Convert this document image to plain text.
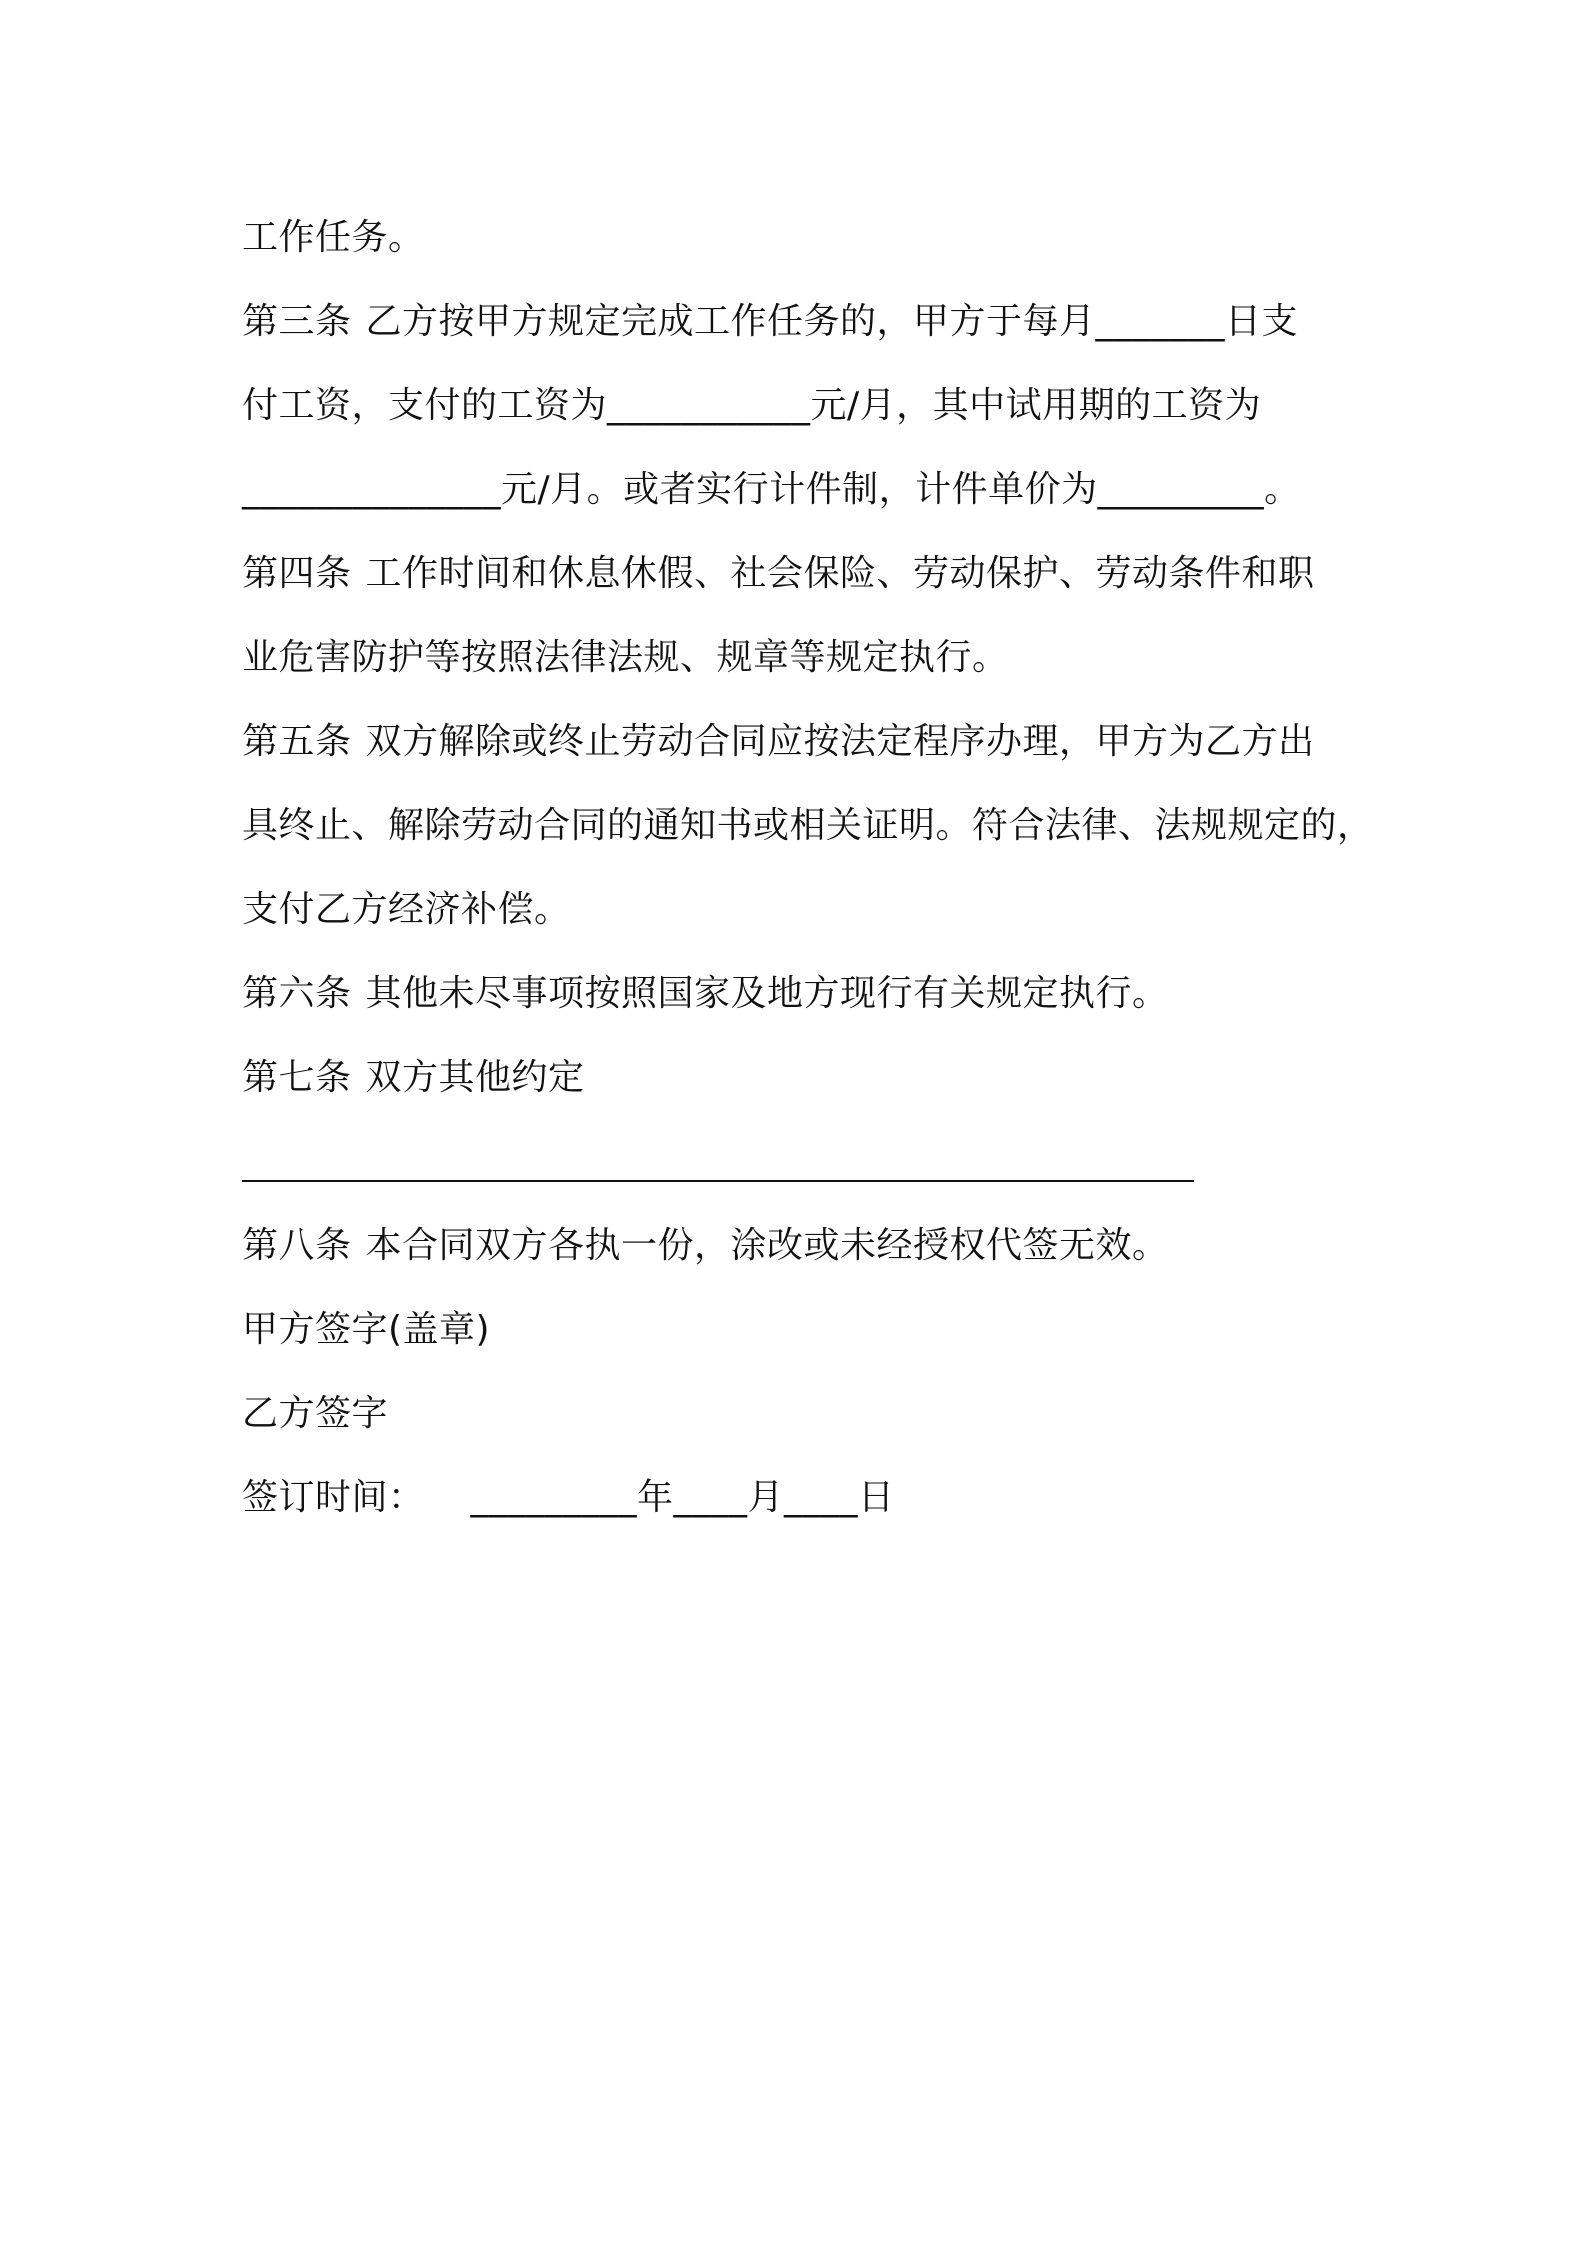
工作任务。
第三条 乙方按甲方规定完成工作任务的，甲方于每月_______日支
付工资，支付的工资为___________元/月，其中试用期的工资为
______________元/月。或者实行计件制，计件单价为_________。
第四条 工作时间和休息休假、社会保险、劳动保护、劳动条件和职
业危害防护等按照法律法规、规章等规定执行。
第五条 双方解除或终止劳动合同应按法定程序办理，甲方为乙方出
具终止、解除劳动合同的通知书或相关证明。符合法律、法规规定的，
支付乙方经济补偿。
第六条 其他未尽事项按照国家及地方现行有关规定执行。
第七条 双方其他约定
第八条 本合同双方各执一份，涂改或未经授权代签无效。
甲方签字(盖章)
乙方签字
签订时间： _________年____月____日
